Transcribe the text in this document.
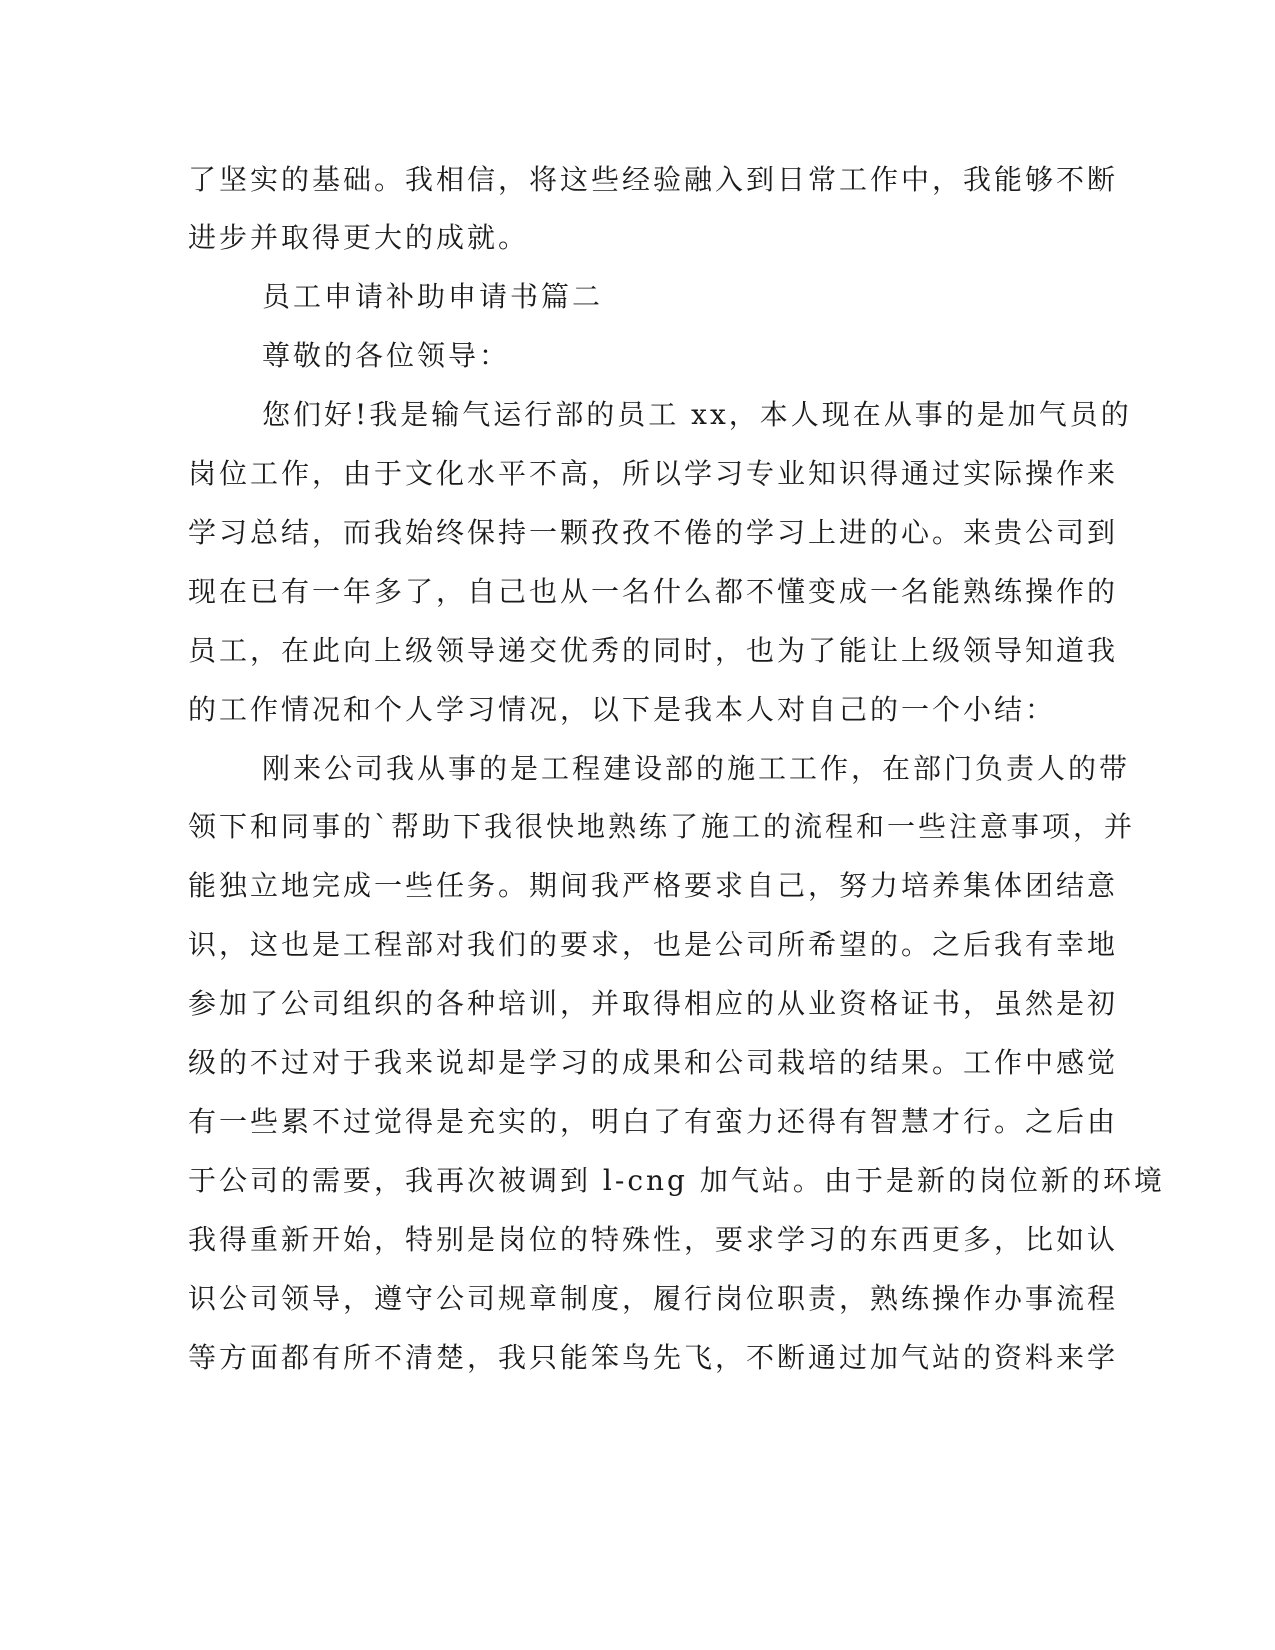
了坚实的基础。我相信，将这些经验融入到日常工作中，我能够不断
进步并取得更大的成就。
员工申请补助申请书篇二
尊敬的各位领导：
您们好!我是输气运行部的员工 xx，本人现在从事的是加气员的
岗位工作，由于文化水平不高，所以学习专业知识得通过实际操作来
学习总结，而我始终保持一颗孜孜不倦的学习上进的心。来贵公司到
现在已有一年多了，自己也从一名什么都不懂变成一名能熟练操作的
员工，在此向上级领导递交优秀的同时，也为了能让上级领导知道我
的工作情况和个人学习情况，以下是我本人对自己的一个小结：
刚来公司我从事的是工程建设部的施工工作，在部门负责人的带
领下和同事的`帮助下我很快地熟练了施工的流程和一些注意事项，并
能独立地完成一些任务。期间我严格要求自己，努力培养集体团结意
识，这也是工程部对我们的要求，也是公司所希望的。之后我有幸地
参加了公司组织的各种培训，并取得相应的从业资格证书，虽然是初
级的不过对于我来说却是学习的成果和公司栽培的结果。工作中感觉
有一些累不过觉得是充实的，明白了有蛮力还得有智慧才行。之后由
于公司的需要，我再次被调到 l-cng 加气站。由于是新的岗位新的环境
我得重新开始，特别是岗位的特殊性，要求学习的东西更多，比如认
识公司领导，遵守公司规章制度，履行岗位职责，熟练操作办事流程
等方面都有所不清楚，我只能笨鸟先飞，不断通过加气站的资料来学
